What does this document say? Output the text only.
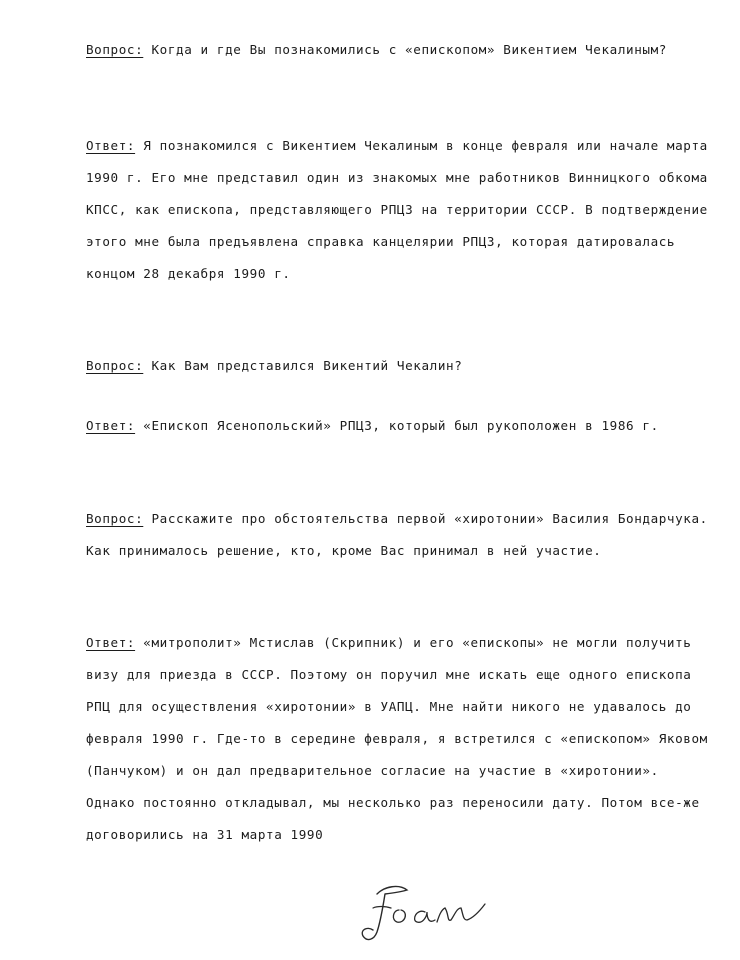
Вопрос: Когда и где Вы познакомились с «епископом» Викентием Чекалиным?

Ответ: Я познакомился с Викентием Чекалиным в конце февраля или начале марта 1990 г. Его мне представил один из знакомых мне работников Винницкого обкома КПСС, как епископа, представляющего РПЦЗ на территории СССР. В подтверждение этого мне была предъявлена справка канцелярии РПЦЗ, которая датировалась концом 28 декабря 1990 г.

Вопрос: Как Вам представился Викентий Чекалин?

Ответ: «Епископ Ясенопольский» РПЦЗ, который был рукоположен в 1986 г.

Вопрос: Расскажите про обстоятельства первой «хиротонии» Василия Бондарчука. Как принималось решение, кто, кроме Вас принимал в ней участие.

Ответ: «митрополит» Мстислав (Скрипник) и его «епископы» не могли получить визу для приезда в СССР. Поэтому он поручил мне искать еще одного епископа РПЦ для осуществления «хиротонии» в УАПЦ. Мне найти никого не удавалось до февраля 1990 г. Где-то в середине февраля, я встретился с «епископом» Яковом (Панчуком) и он дал предварительное согласие на участие в «хиротонии». Однако постоянно откладывал, мы несколько раз переносили дату. Потом все-же договорились на 31 марта 1990
